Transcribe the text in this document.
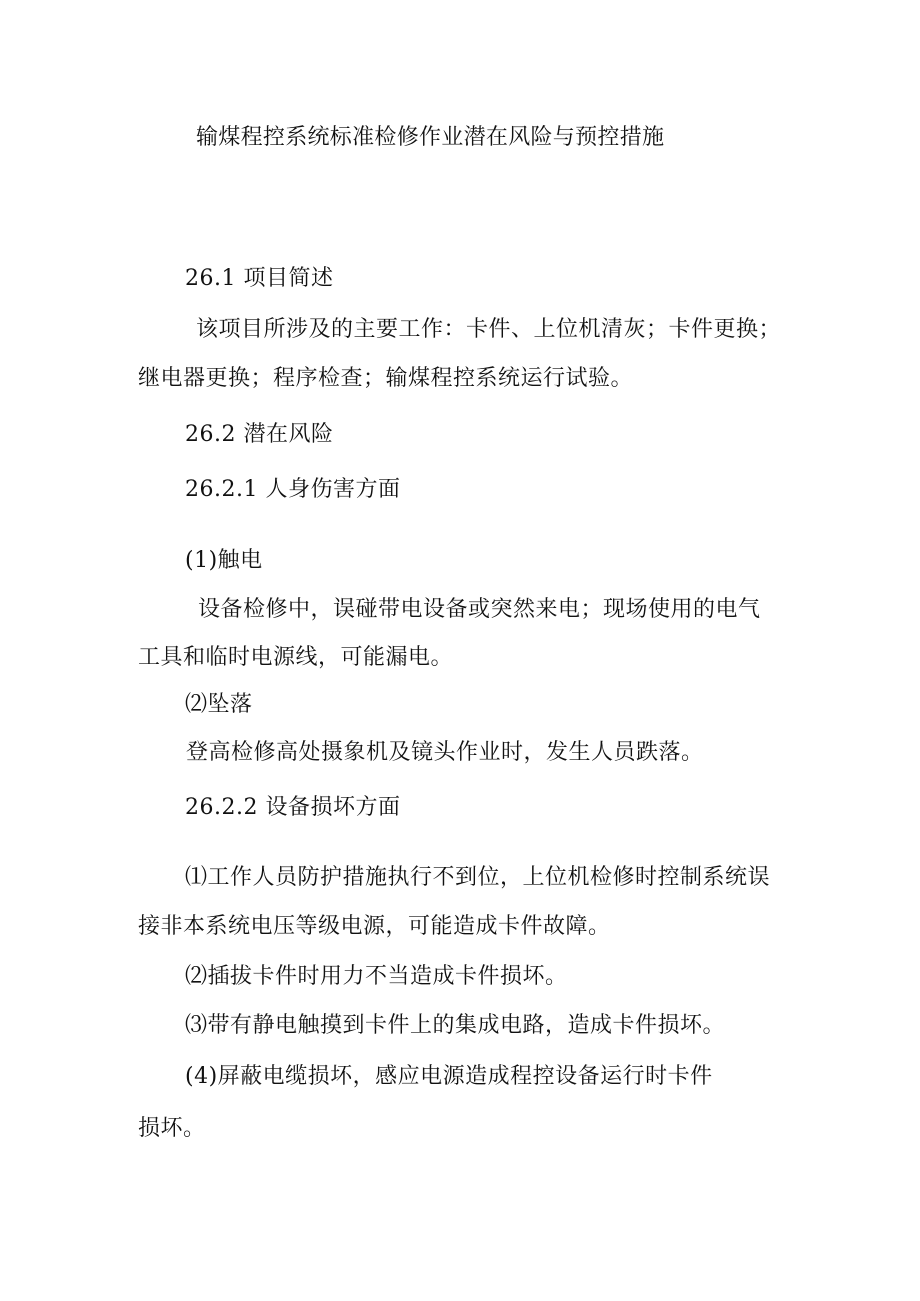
输煤程控系统标准检修作业潜在风险与预控措施
26.1 项目简述
该项目所涉及的主要工作：卡件、上位机清灰；卡件更换；
继电器更换；程序检查；输煤程控系统运行试验。
26.2 潜在风险
26.2.1 人身伤害方面
(1)触电
设备检修中，误碰带电设备或突然来电；现场使用的电气
工具和临时电源线，可能漏电。
⑵坠落
登高检修高处摄象机及镜头作业时，发生人员跌落。
26.2.2 设备损坏方面
⑴工作人员防护措施执行不到位，上位机检修时控制系统误
接非本系统电压等级电源，可能造成卡件故障。
⑵插拔卡件时用力不当造成卡件损坏。
⑶带有静电触摸到卡件上的集成电路，造成卡件损坏。
(4)屏蔽电缆损坏，感应电源造成程控设备运行时卡件
损坏。
